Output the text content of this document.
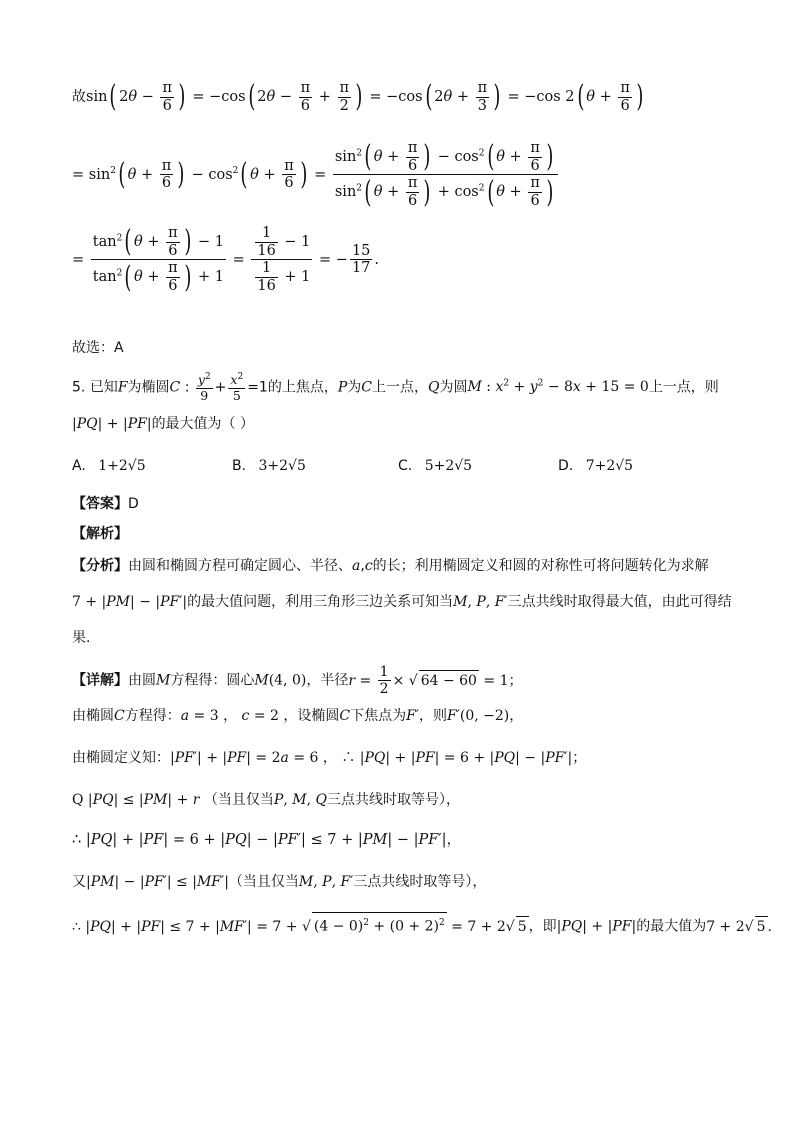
故sin( $2\theta - \frac{\pi}{6}$ ) = −cos( $2\theta - \frac{\pi}{6} + \frac{\pi}{2}$ ) = −cos( $2\theta + \frac{\pi}{3}$ ) = −cos 2( $\theta + \frac{\pi}{6}$ )
= $\sin^2$( $\theta + \frac{\pi}{6}$ ) − $\cos^2$( $\theta + \frac{\pi}{6}$ ) = $\frac{\sin^2( \theta + \frac{\pi}{6} ) - \cos^2( \theta + \frac{\pi}{6} )}{\sin^2( \theta + \frac{\pi}{6} ) + \cos^2( \theta + \frac{\pi}{6} )}$
= $\frac{\tan^2( \theta + \frac{\pi}{6} ) - 1}{\tan^2( \theta + \frac{\pi}{6} ) + 1} = \frac{\frac{1}{16} - 1}{\frac{1}{16} + 1}$ = − $\frac{15}{17}$ .
故选：A
5. 已知F为椭圆C : $\frac{y^2}{9} + \frac{x^2}{5} =1$的上焦点，P为C上一点，Q为圆M : $x^2 + y^2 - 8x + 15 = 0$上一点，则
|PQ| + |PF|的最大值为（ ）
A. 1+2√5	B. 3+2√5	C. 5+2√5	D. 7+2√5
【答案】D
【解析】
【分析】由圆和椭圆方程可确定圆心、半径、a,c的长；利用椭圆定义和圆的对称性可将问题转化为求解
7 + |PM| − |PF′|的最大值问题，利用三角形三边关系可知当M, P, F′三点共线时取得最大值，由此可得结
果.
【详解】由圆M方程得：圆心M(4, 0)，半径$r = \frac{1}{2}$ × √ 64 − 60 = 1；
由椭圆C方程得：a = 3 ， c = 2 ，设椭圆C下焦点为F′，则F′(0, −2)，
由椭圆定义知：|PF′| + |PF| = 2a = 6 ， ∴ |PQ| + |PF| = 6 + |PQ| − |PF′|；
Q |PQ| ≤ |PM| + r （当且仅当P, M, Q三点共线时取等号），
∴ |PQ| + |PF| = 6 + |PQ| − |PF′| ≤ 7 + |PM| − |PF′|，
又|PM| − |PF′| ≤ |MF′|（当且仅当M, P, F′三点共线时取等号），
∴ |PQ| + |PF| ≤ 7 + |MF′| = 7 + √ $(4 - 0)^2 + (0 + 2)^2 = 7 + 2√$ 5 ，即|PQ| + |PF|的最大值为7 + 2√ 5 .
